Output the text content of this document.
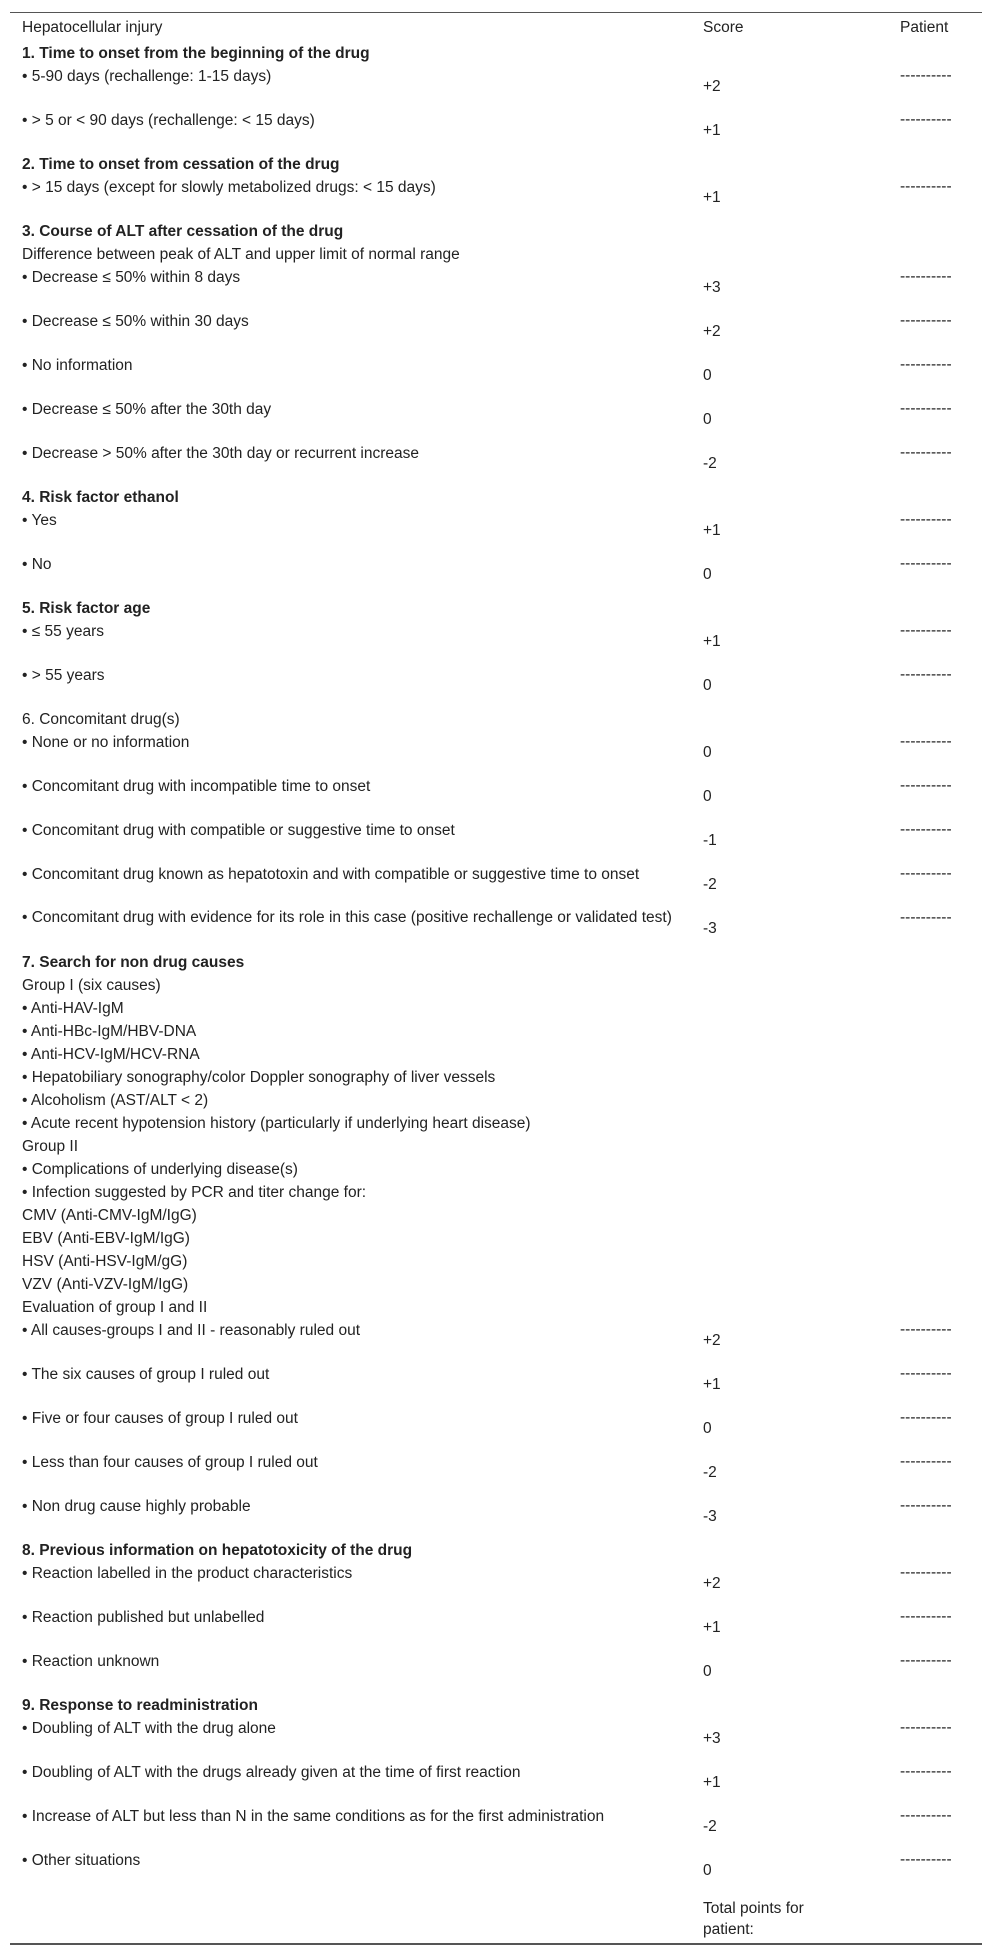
Hepatocellular injury	Score	Patient
1. Time to onset from the beginning of the drug
• 5-90 days (rechallenge: 1-15 days)
+2
----------
• > 5 or < 90 days (rechallenge: < 15 days)
+1
----------
2. Time to onset from cessation of the drug
• > 15 days (except for slowly metabolized drugs: < 15 days)
+1
----------
3. Course of ALT after cessation of the drug
Difference between peak of ALT and upper limit of normal range
• Decrease ≤ 50% within 8 days
+3
----------
• Decrease ≤ 50% within 30 days
+2
----------
• No information
0
----------
• Decrease ≤ 50% after the 30th day
0
----------
• Decrease > 50% after the 30th day or recurrent increase
-2
----------
4. Risk factor ethanol
• Yes
+1
----------
• No
0
----------
5. Risk factor age
• ≤ 55 years
+1
----------
• > 55 years
0
----------
6. Concomitant drug(s)
• None or no information
0
----------
• Concomitant drug with incompatible time to onset
0
----------
• Concomitant drug with compatible or suggestive time to onset
-1
----------
• Concomitant drug known as hepatotoxin and with compatible or suggestive time to onset
-2
----------
• Concomitant drug with evidence for its role in this case (positive rechallenge or validated test)
-3
----------
7. Search for non drug causes
Group I (six causes)
• Anti-HAV-IgM
• Anti-HBc-IgM/HBV-DNA
• Anti-HCV-IgM/HCV-RNA
• Hepatobiliary sonography/color Doppler sonography of liver vessels
• Alcoholism (AST/ALT < 2)
• Acute recent hypotension history (particularly if underlying heart disease)
Group II
• Complications of underlying disease(s)
• Infection suggested by PCR and titer change for:
CMV (Anti-CMV-IgM/IgG)
EBV (Anti-EBV-IgM/IgG)
HSV (Anti-HSV-IgM/gG)
VZV (Anti-VZV-IgM/IgG)
Evaluation of group I and II
• All causes-groups I and II - reasonably ruled out
+2
----------
• The six causes of group I ruled out
+1
----------
• Five or four causes of group I ruled out
0
----------
• Less than four causes of group I ruled out
-2
----------
• Non drug cause highly probable
-3
----------
8. Previous information on hepatotoxicity of the drug
• Reaction labelled in the product characteristics
+2
----------
• Reaction published but unlabelled
+1
----------
• Reaction unknown
0
----------
9. Response to readministration
• Doubling of ALT with the drug alone
+3
----------
• Doubling of ALT with the drugs already given at the time of first reaction
+1
----------
• Increase of ALT but less than N in the same conditions as for the first administration
-2
----------
• Other situations
0
----------
Total points for patient:
